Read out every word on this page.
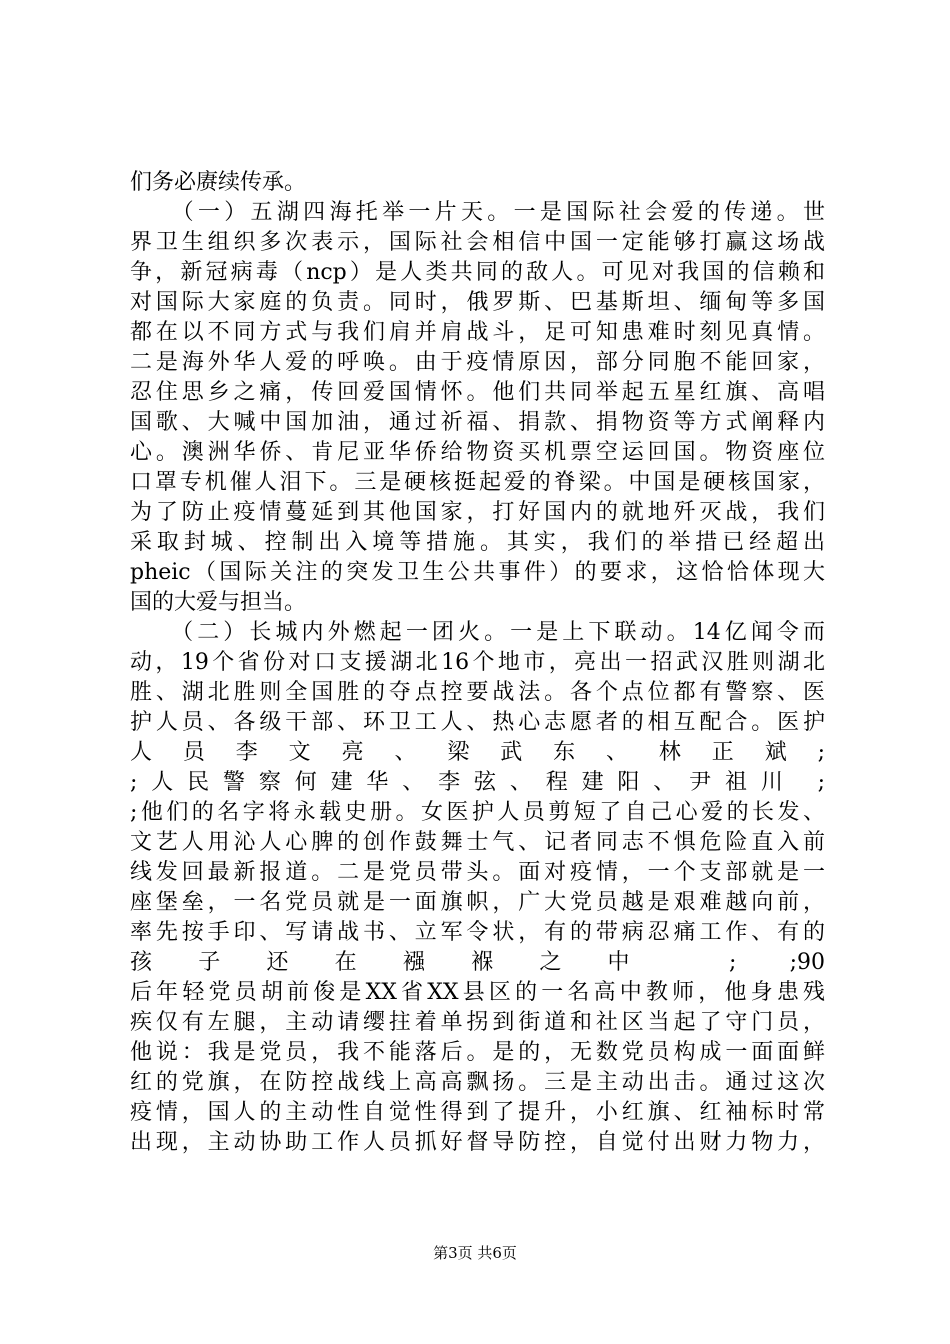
们务必赓续传承。
　　（一）五湖四海托举一片天。一是国际社会爱的传递。世
界卫生组织多次表示，国际社会相信中国一定能够打赢这场战
争，新冠病毒（ncp）是人类共同的敌人。可见对我国的信赖和
对国际大家庭的负责。同时，俄罗斯、巴基斯坦、缅甸等多国
都在以不同方式与我们肩并肩战斗，足可知患难时刻见真情。
二是海外华人爱的呼唤。由于疫情原因，部分同胞不能回家，
忍住思乡之痛，传回爱国情怀。他们共同举起五星红旗、高唱
国歌、大喊中国加油，通过祈福、捐款、捐物资等方式阐释内
心。澳洲华侨、肯尼亚华侨给物资买机票空运回国。物资座位
口罩专机催人泪下。三是硬核挺起爱的脊梁。中国是硬核国家，
为了防止疫情蔓延到其他国家，打好国内的就地歼灭战，我们
采取封城、控制出入境等措施。其实，我们的举措已经超出
pheic（国际关注的突发卫生公共事件）的要求，这恰恰体现大
国的大爱与担当。
　　（二）长城内外燃起一团火。一是上下联动。14亿闻令而
动，19个省份对口支援湖北16个地市，亮出一招武汉胜则湖北
胜、湖北胜则全国胜的夺点控要战法。各个点位都有警察、医
护人员、各级干部、环卫工人、热心志愿者的相互配合。医护
人 员 李 文 亮 、 梁 武 东 、 林 正 斌 ;
;人民警察何建华、李弦、程建阳、尹祖川 ;
;他们的名字将永载史册。女医护人员剪短了自己心爱的长发、
文艺人用沁人心脾的创作鼓舞士气、记者同志不惧危险直入前
线发回最新报道。二是党员带头。面对疫情，一个支部就是一
座堡垒，一名党员就是一面旗帜，广大党员越是艰难越向前，
率先按手印、写请战书、立军令状，有的带病忍痛工作、有的
孩子还在襁褓之中 ; ;90
后年轻党员胡前俊是XX省XX县区的一名高中教师，他身患残
疾仅有左腿，主动请缨拄着单拐到街道和社区当起了守门员，
他说：我是党员，我不能落后。是的，无数党员构成一面面鲜
红的党旗，在防控战线上高高飘扬。三是主动出击。通过这次
疫情，国人的主动性自觉性得到了提升，小红旗、红袖标时常
出现，主动协助工作人员抓好督导防控，自觉付出财力物力，
第3页 共6页
